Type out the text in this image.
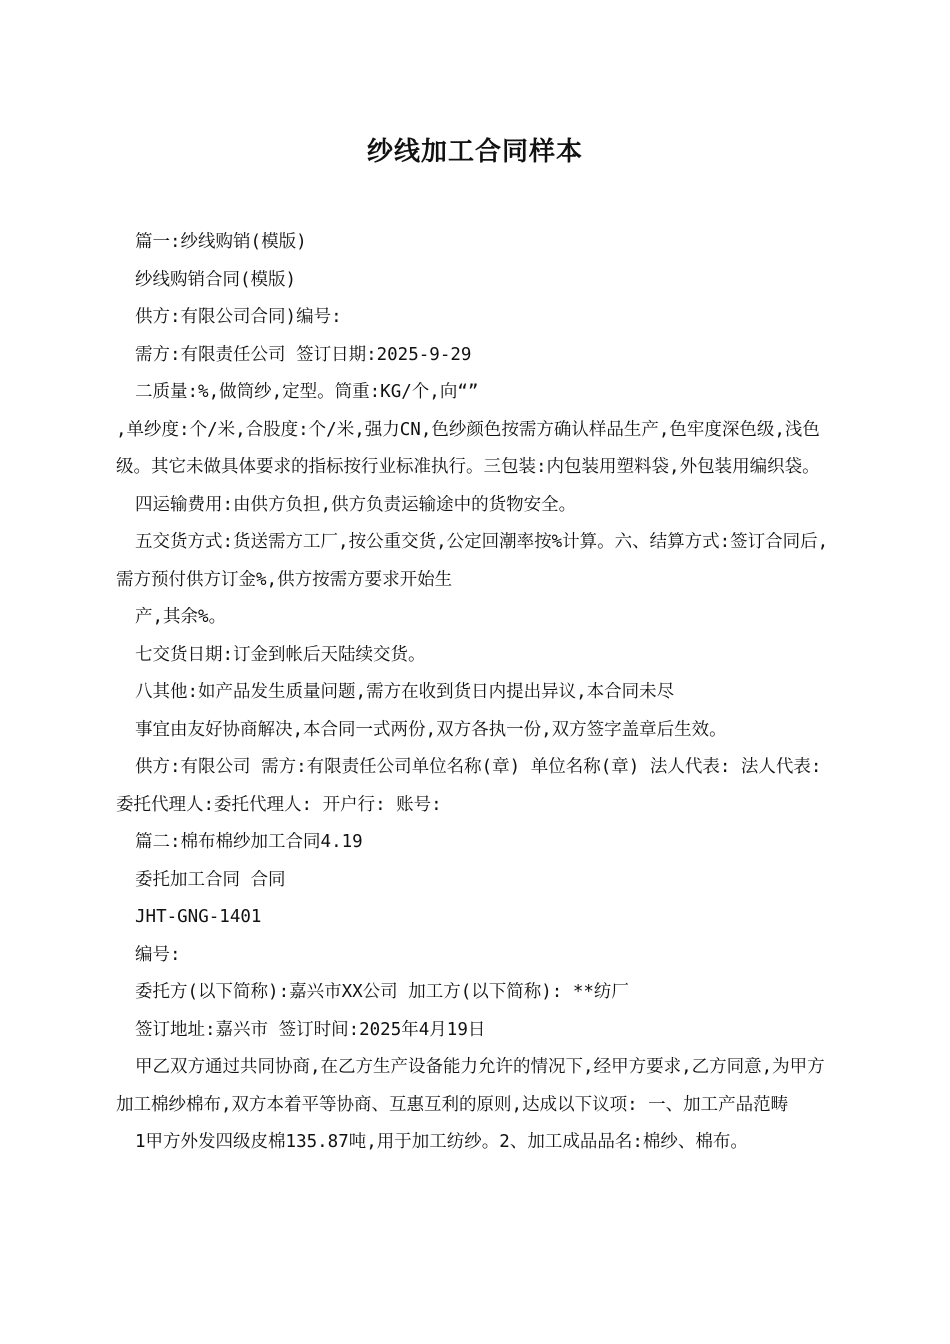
纱线加工合同样本

篇一:纱线购销(模版)

纱线购销合同(模版)

供方:有限公司合同)编号:

需方:有限责任公司 签订日期:2025-9-29

二质量:%,做筒纱,定型。筒重:KG/个,向“”

,单纱度:个/米,合股度:个/米,强力CN,色纱颜色按需方确认样品生产,色牢度深色级,浅色级。其它未做具体要求的指标按行业标准执行。三包装:内包装用塑料袋,外包装用编织袋。

四运输费用:由供方负担,供方负责运输途中的货物安全。

五交货方式:货送需方工厂,按公重交货,公定回潮率按%计算。六、结算方式:签订合同后,需方预付供方订金%,供方按需方要求开始生

产,其余%。

七交货日期:订金到帐后天陆续交货。

八其他:如产品发生质量问题,需方在收到货日内提出异议,本合同未尽

事宜由友好协商解决,本合同一式两份,双方各执一份,双方签字盖章后生效。

供方:有限公司 需方:有限责任公司单位名称(章) 单位名称(章) 法人代表: 法人代表: 委托代理人:委托代理人: 开户行: 账号:

篇二:棉布棉纱加工合同4.19

委托加工合同 合同

JHT-GNG-1401

编号:

委托方(以下简称):嘉兴市XX公司 加工方(以下简称): **纺厂

签订地址:嘉兴市 签订时间:2025年4月19日

甲乙双方通过共同协商,在乙方生产设备能力允许的情况下,经甲方要求,乙方同意,为甲方加工棉纱棉布,双方本着平等协商、互惠互利的原则,达成以下议项: 一、加工产品范畴

1甲方外发四级皮棉135.87吨,用于加工纺纱。2、加工成品品名:棉纱、棉布。
